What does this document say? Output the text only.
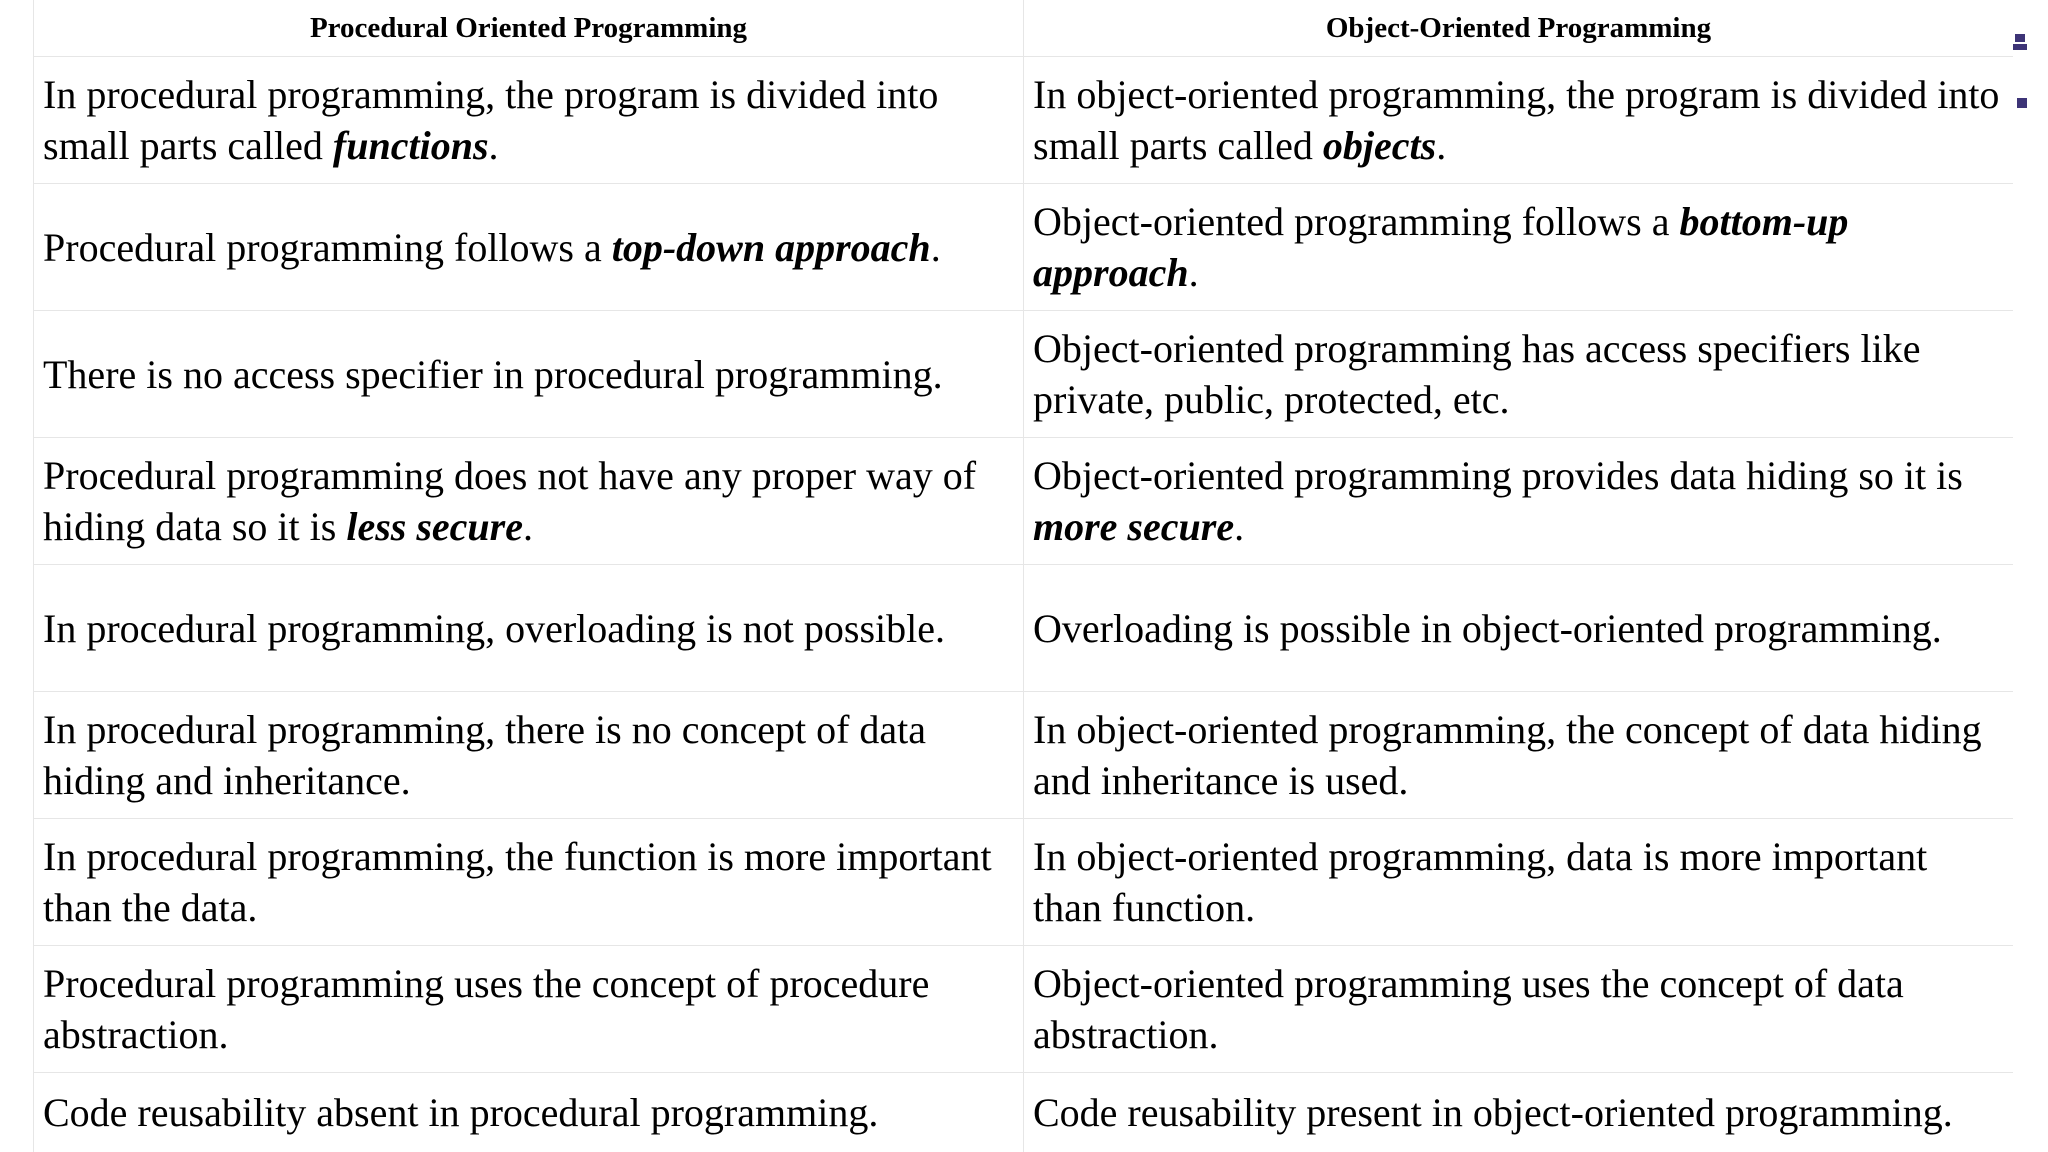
Procedural Oriented Programming	Object-Oriented Programming
In procedural programming, the program is divided into small parts called functions.	In object-oriented programming, the program is divided into small parts called objects.
Procedural programming follows a top-down approach.	Object-oriented programming follows a bottom-up approach.
There is no access specifier in procedural programming.	Object-oriented programming has access specifiers like private, public, protected, etc.
Procedural programming does not have any proper way of hiding data so it is less secure.	Object-oriented programming provides data hiding so it is more secure.
In procedural programming, overloading is not possible.	Overloading is possible in object-oriented programming.
In procedural programming, there is no concept of data hiding and inheritance.	In object-oriented programming, the concept of data hiding and inheritance is used.
In procedural programming, the function is more important than the data.	In object-oriented programming, data is more important than function.
Procedural programming uses the concept of procedure abstraction.	Object-oriented programming uses the concept of data abstraction.
Code reusability absent in procedural programming.	Code reusability present in object-oriented programming.
